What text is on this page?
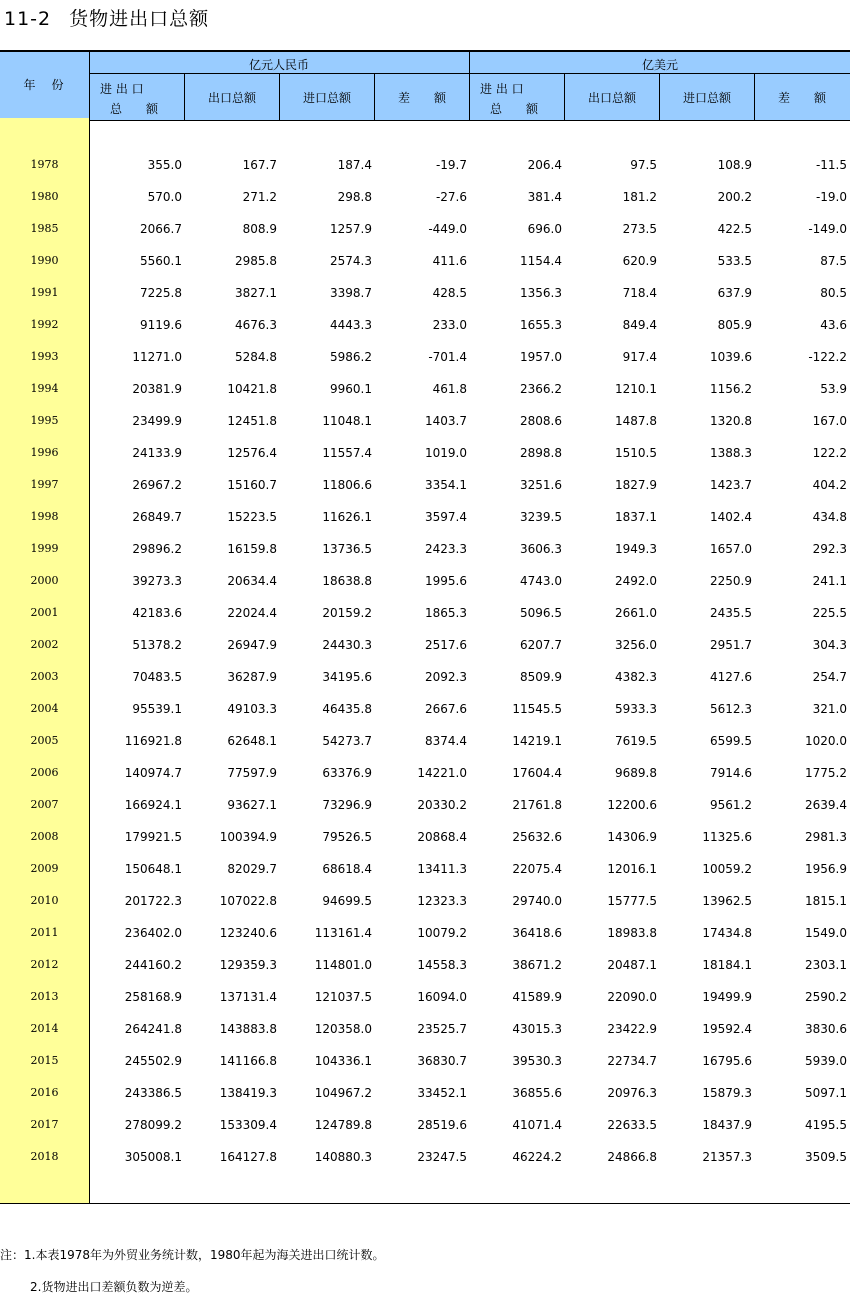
11-2 货物进出口总额
年　份
亿元人民币	亿美元
进 出 口
总　　额
出口总额	进口总额	差　　额
进 出 口
总　　额
出口总额	进口总额	差　　额
1978	355.0	167.7	187.4	-19.7	206.4	97.5	108.9	-11.5
1980	570.0	271.2	298.8	-27.6	381.4	181.2	200.2	-19.0
1985	2066.7	808.9	1257.9	-449.0	696.0	273.5	422.5	-149.0
1990	5560.1	2985.8	2574.3	411.6	1154.4	620.9	533.5	87.5
1991	7225.8	3827.1	3398.7	428.5	1356.3	718.4	637.9	80.5
1992	9119.6	4676.3	4443.3	233.0	1655.3	849.4	805.9	43.6
1993	11271.0	5284.8	5986.2	-701.4	1957.0	917.4	1039.6	-122.2
1994	20381.9	10421.8	9960.1	461.8	2366.2	1210.1	1156.2	53.9
1995	23499.9	12451.8	11048.1	1403.7	2808.6	1487.8	1320.8	167.0
1996	24133.9	12576.4	11557.4	1019.0	2898.8	1510.5	1388.3	122.2
1997	26967.2	15160.7	11806.6	3354.1	3251.6	1827.9	1423.7	404.2
1998	26849.7	15223.5	11626.1	3597.4	3239.5	1837.1	1402.4	434.8
1999	29896.2	16159.8	13736.5	2423.3	3606.3	1949.3	1657.0	292.3
2000	39273.3	20634.4	18638.8	1995.6	4743.0	2492.0	2250.9	241.1
2001	42183.6	22024.4	20159.2	1865.3	5096.5	2661.0	2435.5	225.5
2002	51378.2	26947.9	24430.3	2517.6	6207.7	3256.0	2951.7	304.3
2003	70483.5	36287.9	34195.6	2092.3	8509.9	4382.3	4127.6	254.7
2004	95539.1	49103.3	46435.8	2667.6	11545.5	5933.3	5612.3	321.0
2005	116921.8	62648.1	54273.7	8374.4	14219.1	7619.5	6599.5	1020.0
2006	140974.7	77597.9	63376.9	14221.0	17604.4	9689.8	7914.6	1775.2
2007	166924.1	93627.1	73296.9	20330.2	21761.8	12200.6	9561.2	2639.4
2008	179921.5	100394.9	79526.5	20868.4	25632.6	14306.9	11325.6	2981.3
2009	150648.1	82029.7	68618.4	13411.3	22075.4	12016.1	10059.2	1956.9
2010	201722.3	107022.8	94699.5	12323.3	29740.0	15777.5	13962.5	1815.1
2011	236402.0	123240.6	113161.4	10079.2	36418.6	18983.8	17434.8	1549.0
2012	244160.2	129359.3	114801.0	14558.3	38671.2	20487.1	18184.1	2303.1
2013	258168.9	137131.4	121037.5	16094.0	41589.9	22090.0	19499.9	2590.2
2014	264241.8	143883.8	120358.0	23525.7	43015.3	23422.9	19592.4	3830.6
2015	245502.9	141166.8	104336.1	36830.7	39530.3	22734.7	16795.6	5939.0
2016	243386.5	138419.3	104967.2	33452.1	36855.6	20976.3	15879.3	5097.1
2017	278099.2	153309.4	124789.8	28519.6	41071.4	22633.5	18437.9	4195.5
2018	305008.1	164127.8	140880.3	23247.5	46224.2	24866.8	21357.3	3509.5
注：1.本表1978年为外贸业务统计数，1980年起为海关进出口统计数。
2.货物进出口差额负数为逆差。
